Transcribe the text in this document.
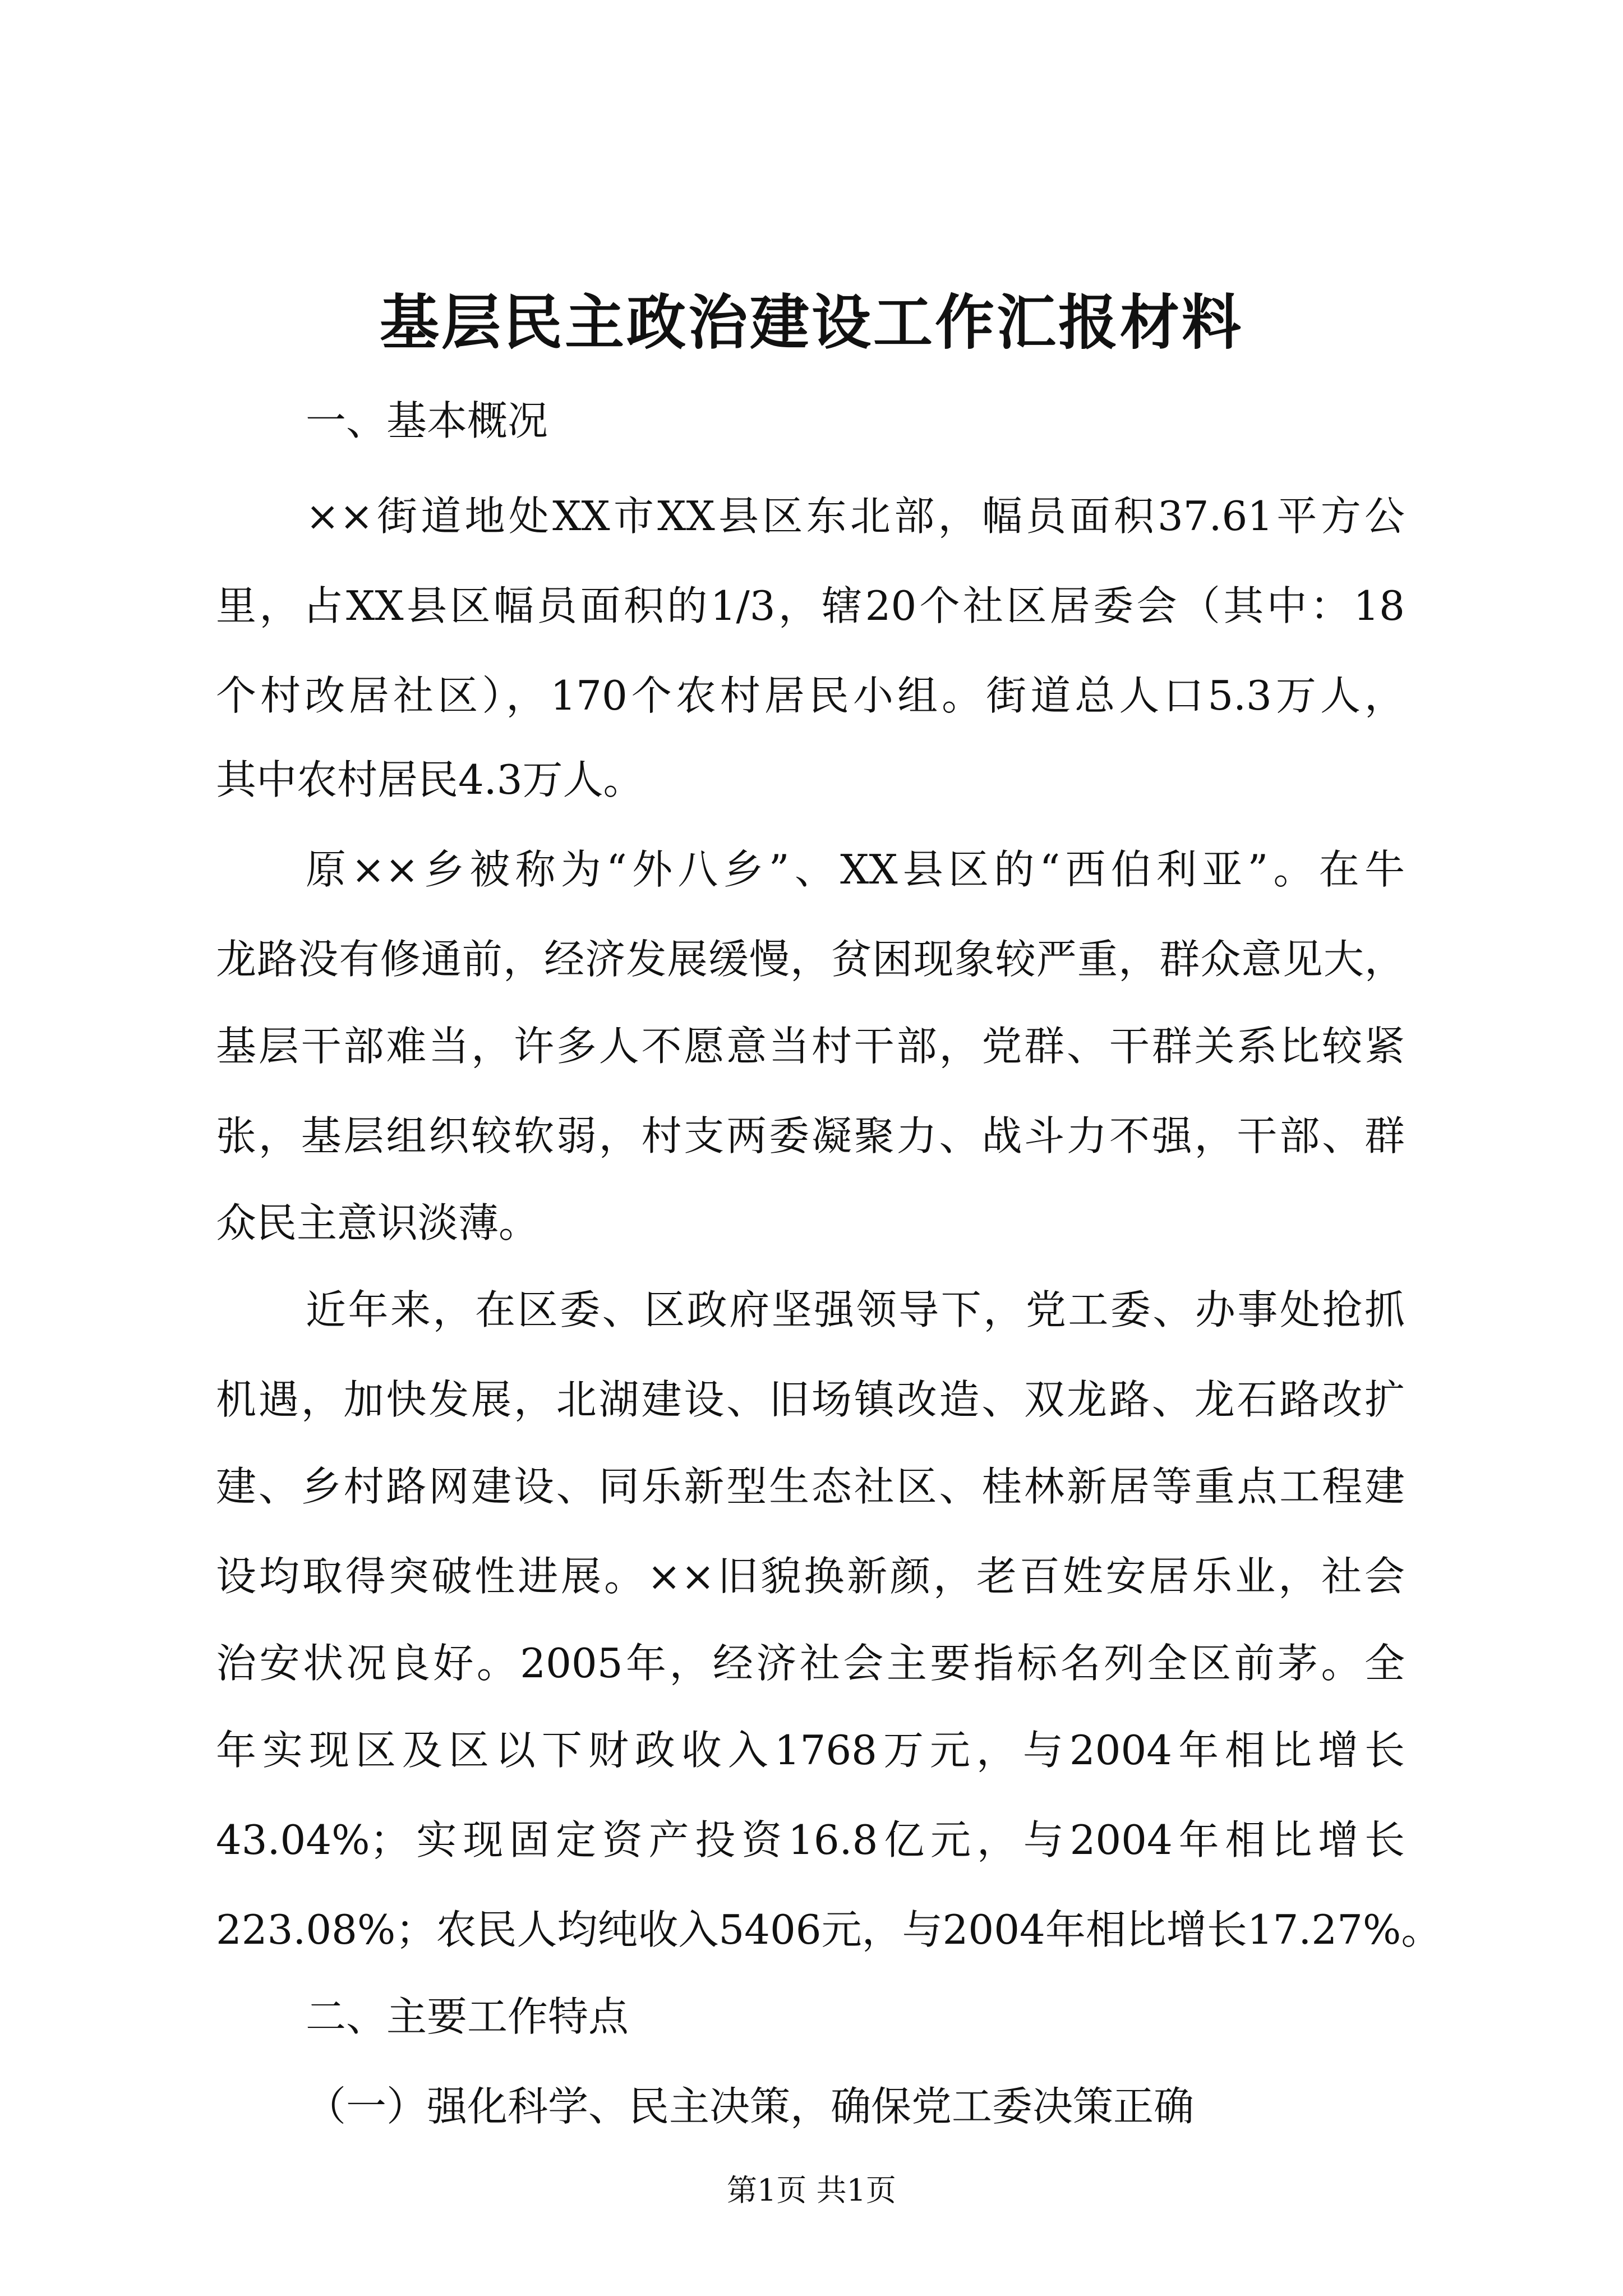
基层民主政治建设工作汇报材料
一、基本概况
××街道地处XX市XX县区东北部，幅员面积37.61平方公
里，占XX县区幅员面积的1/3，辖20个社区居委会（其中：18
个村改居社区），170个农村居民小组。街道总人口5.3万人，
其中农村居民4.3万人。
原××乡被称为“外八乡”、XX县区的“西伯利亚”。在牛
龙路没有修通前，经济发展缓慢，贫困现象较严重，群众意见大，
基层干部难当，许多人不愿意当村干部，党群、干群关系比较紧
张，基层组织较软弱，村支两委凝聚力、战斗力不强，干部、群
众民主意识淡薄。
近年来，在区委、区政府坚强领导下，党工委、办事处抢抓
机遇，加快发展，北湖建设、旧场镇改造、双龙路、龙石路改扩
建、乡村路网建设、同乐新型生态社区、桂林新居等重点工程建
设均取得突破性进展。××旧貌换新颜，老百姓安居乐业，社会
治安状况良好。2005年，经济社会主要指标名列全区前茅。全
年实现区及区以下财政收入1768万元，与2004年相比增长
43.04%；实现固定资产投资16.8亿元，与2004年相比增长
223.08%；农民人均纯收入5406元，与2004年相比增长17.27%。
二、主要工作特点
（一）强化科学、民主决策，确保党工委决策正确
第1页 共1页
